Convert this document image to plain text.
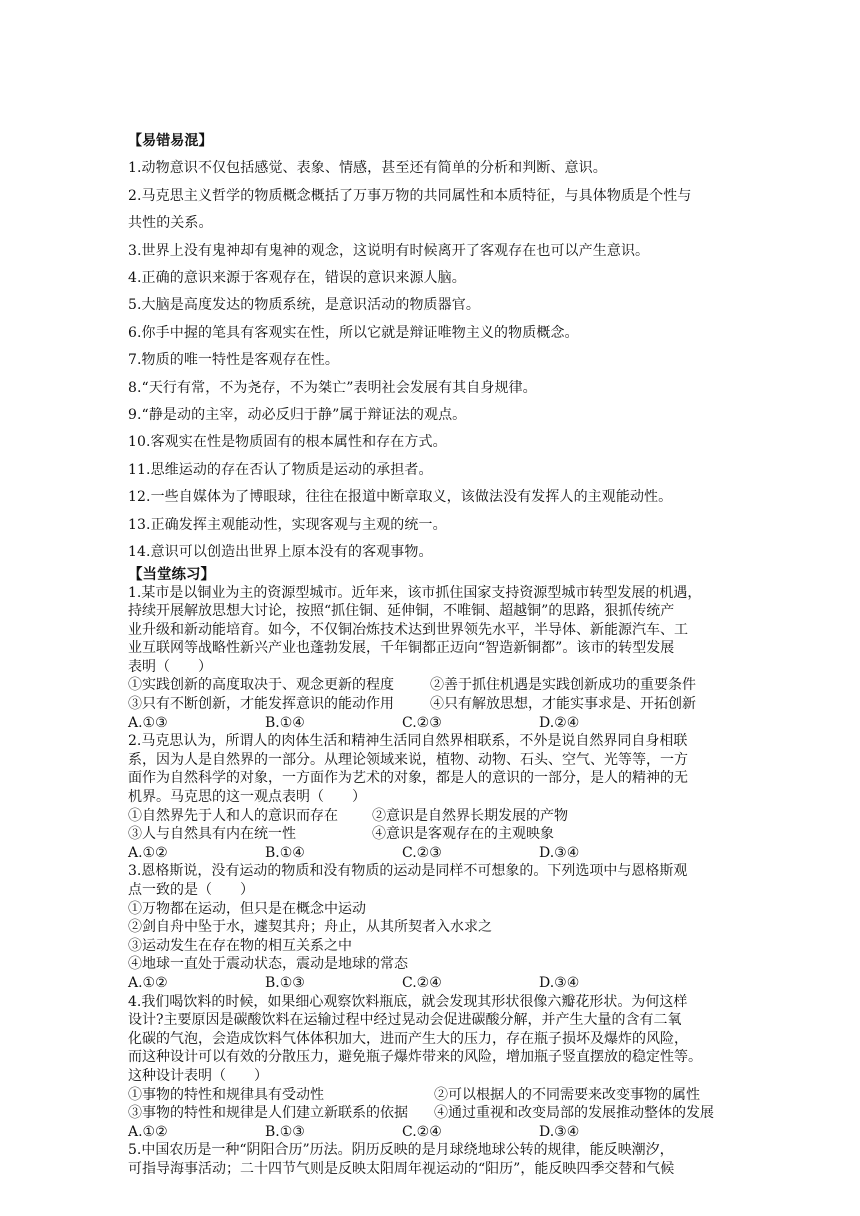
【易错易混】

1.动物意识不仅包括感觉、表象、情感，甚至还有简单的分析和判断、意识。

2.马克思主义哲学的物质概念概括了万事万物的共同属性和本质特征，与具体物质是个性与

共性的关系。

3.世界上没有鬼神却有鬼神的观念，这说明有时候离开了客观存在也可以产生意识。

4.正确的意识来源于客观存在，错误的意识来源人脑。

5.大脑是高度发达的物质系统，是意识活动的物质器官。

6.你手中握的笔具有客观实在性，所以它就是辩证唯物主义的物质概念。

7.物质的唯一特性是客观存在性。

8.“天行有常，不为尧存，不为桀亡”表明社会发展有其自身规律。

9.“静是动的主宰，动必反归于静”属于辩证法的观点。

10.客观实在性是物质固有的根本属性和存在方式。

11.思维运动的存在否认了物质是运动的承担者。

12.一些自媒体为了博眼球，往往在报道中断章取义，该做法没有发挥人的主观能动性。

13.正确发挥主观能动性，实现客观与主观的统一。

14.意识可以创造出世界上原本没有的客观事物。

【当堂练习】

1.某市是以铜业为主的资源型城市。近年来，该市抓住国家支持资源型城市转型发展的机遇，

持续开展解放思想大讨论，按照“抓住铜、延伸铜，不唯铜、超越铜”的思路，狠抓传统产

业升级和新动能培育。如今，不仅铜冶炼技术达到世界领先水平，半导体、新能源汽车、工

业互联网等战略性新兴产业也蓬勃发展，千年铜都正迈向“智造新铜都”。该市的转型发展

表明（　　）

①实践创新的高度取决于、观念更新的程度	②善于抓住机遇是实践创新成功的重要条件
③只有不断创新，才能发挥意识的能动作用	④只有解放思想，才能实事求是、开拓创新
A.①③	B.①④	C.②③	D.②④

2.马克思认为，所谓人的肉体生活和精神生活同自然界相联系，不外是说自然界同自身相联

系，因为人是自然界的一部分。从理论领域来说，植物、动物、石头、空气、光等等，一方

面作为自然科学的对象，一方面作为艺术的对象，都是人的意识的一部分，是人的精神的无

机界。马克思的这一观点表明（　　）

①自然界先于人和人的意识而存在	②意识是自然界长期发展的产物
③人与自然具有内在统一性	④意识是客观存在的主观映象
A.①②	B.①④	C.②③	D.③④

3.恩格斯说，没有运动的物质和没有物质的运动是同样不可想象的。下列选项中与恩格斯观

点一致的是（　　）

①万物都在运动，但只是在概念中运动

②剑自舟中坠于水，遽契其舟；舟止，从其所契者入水求之

③运动发生在存在物的相互关系之中

④地球一直处于震动状态，震动是地球的常态

A.①②	B.①③	C.②④	D.③④

4.我们喝饮料的时候，如果细心观察饮料瓶底，就会发现其形状很像六瓣花形状。为何这样

设计?主要原因是碳酸饮料在运输过程中经过晃动会促进碳酸分解，并产生大量的含有二氧

化碳的气泡，会造成饮料气体体积加大，进而产生大的压力，存在瓶子损坏及爆炸的风险，

而这种设计可以有效的分散压力，避免瓶子爆炸带来的风险，增加瓶子竖直摆放的稳定性等。

这种设计表明（　　）

①事物的特性和规律具有受动性	②可以根据人的不同需要来改变事物的属性
③事物的特性和规律是人们建立新联系的依据	④通过重视和改变局部的发展推动整体的发展
A.①②	B.①③	C.②④	D.③④

5.中国农历是一种“阴阳合历”历法。阴历反映的是月球绕地球公转的规律，能反映潮汐，

可指导海事活动；二十四节气则是反映太阳周年视运动的“阳历”，能反映四季交替和气候
